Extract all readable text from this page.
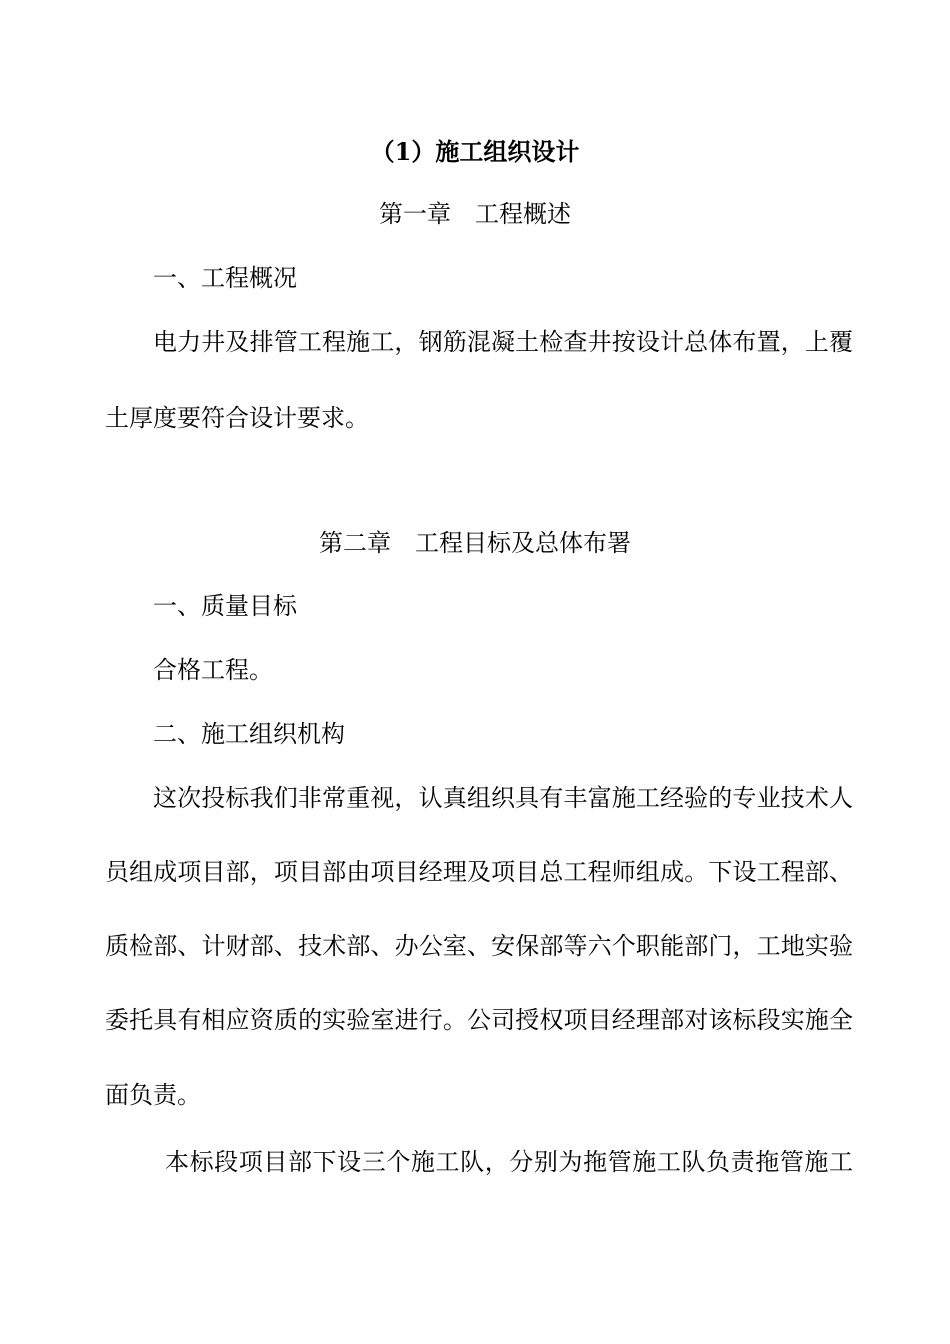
（1）施工组织设计

第一章　工程概述

一、工程概况

电力井及排管工程施工，钢筋混凝土检查井按设计总体布置，上覆

土厚度要符合设计要求。

第二章　工程目标及总体布署

一、质量目标

合格工程。

二、施工组织机构

这次投标我们非常重视，认真组织具有丰富施工经验的专业技术人

员组成项目部，项目部由项目经理及项目总工程师组成。下设工程部、

质检部、计财部、技术部、办公室、安保部等六个职能部门，工地实验

委托具有相应资质的实验室进行。公司授权项目经理部对该标段实施全

面负责。

本标段项目部下设三个施工队，分别为拖管施工队负责拖管施工
